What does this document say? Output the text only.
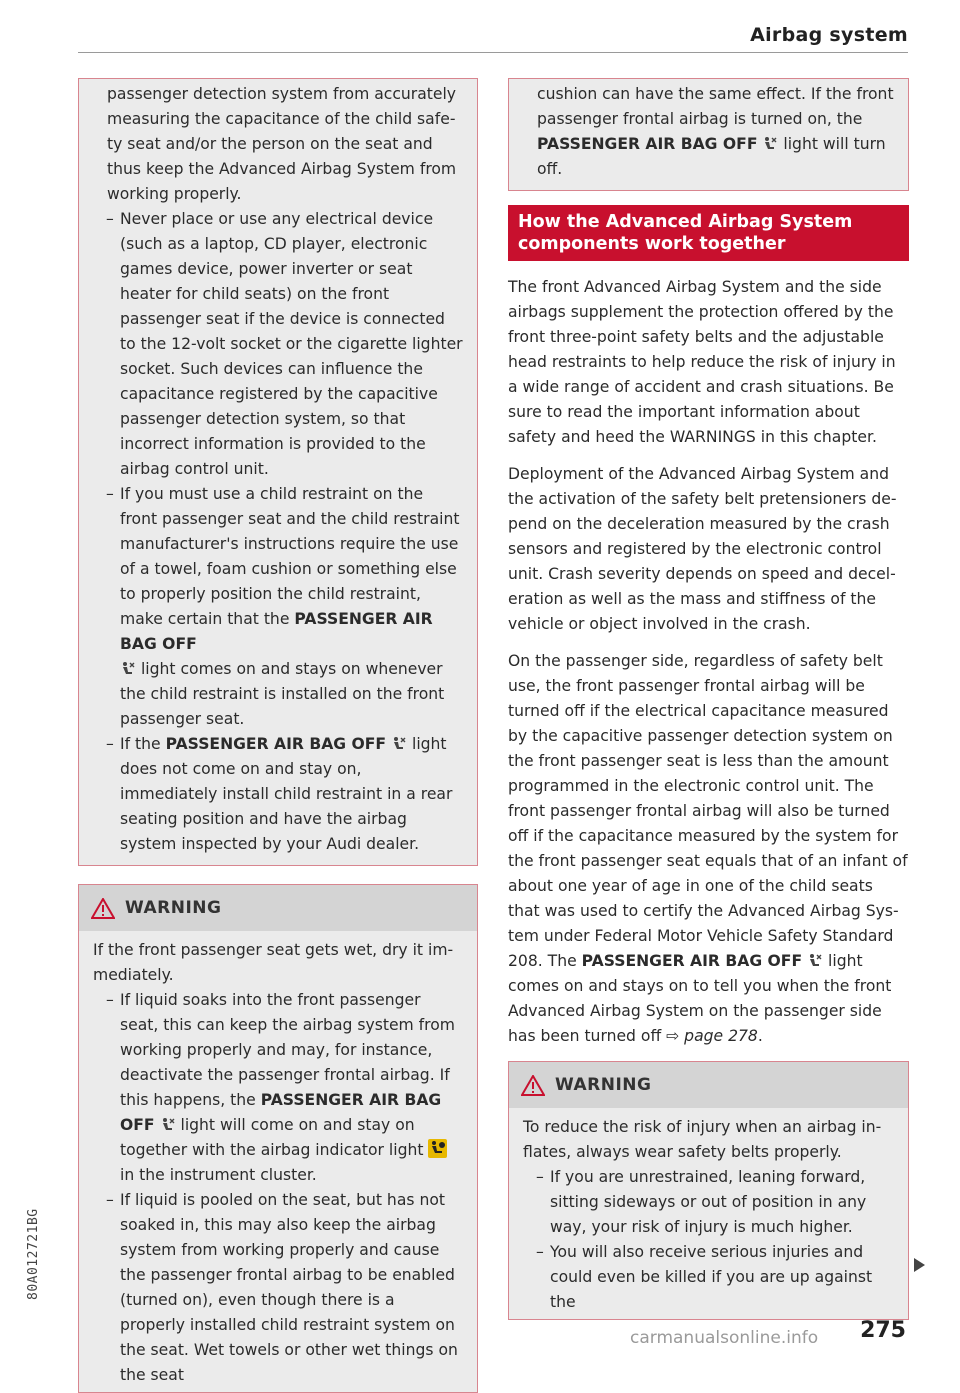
Airbag system

passenger detection system from accurately measuring the capacitance of the child safety seat and/or the person on the seat and thus keep the Advanced Airbag System from working properly.

– Never place or use any electrical device (such as a laptop, CD player, electronic games device, power inverter or seat heater for child seats) on the front passenger seat if the device is connected to the 12-volt socket or the cigarette lighter socket. Such devices can influence the capacitance registered by the capacitive passenger detection system, so that incorrect information is provided to the airbag control unit.
– If you must use a child restraint on the front passenger seat and the child restraint manufacturer's instructions require the use of a towel, foam cushion or something else to properly position the child restraint, make certain that the PASSENGER AIR BAG OFF
light comes on and stays on whenever the child restraint is installed on the front passenger seat.
– If the PASSENGER AIR BAG OFF  light does not come on and stay on, immediately install child restraint in a rear seating position and have the airbag system inspected by your Audi dealer.
WARNING

If the front passenger seat gets wet, dry it immediately.

– If liquid soaks into the front passenger seat, this can keep the airbag system from working properly and may, for instance, deactivate the passenger frontal airbag. If this happens, the PASSENGER AIR BAG OFF  light will come on and stay on together with the airbag indicator light  in the instrument cluster.
– If liquid is pooled on the seat, but has not soaked in, this may also keep the airbag system from working properly and cause the passenger frontal airbag to be enabled (turned on), even though there is a properly installed child restraint system on the seat. Wet towels or other wet things on the seat

cushion can have the same effect. If the front passenger frontal airbag is turned on, the PASSENGER AIR BAG OFF  light will turn off.

How the Advanced Airbag System components work together

The front Advanced Airbag System and the side airbags supplement the protection offered by the front three-point safety belts and the adjustable head restraints to help reduce the risk of injury in a wide range of accident and crash situations. Be sure to read the important information about safety and heed the WARNINGS in this chapter.

Deployment of the Advanced Airbag System and the activation of the safety belt pretensioners depend on the deceleration measured by the crash sensors and registered by the electronic control unit. Crash severity depends on speed and deceleration as well as the mass and stiffness of the vehicle or object involved in the crash.

On the passenger side, regardless of safety belt use, the front passenger frontal airbag will be turned off if the electrical capacitance measured by the capacitive passenger detection system on the front passenger seat is less than the amount programmed in the electronic control unit. The front passenger frontal airbag will also be turned off if the capacitance measured by the system for the front passenger seat equals that of an infant of about one year of age in one of the child seats that was used to certify the Advanced Airbag System under Federal Motor Vehicle Safety Standard 208. The PASSENGER AIR BAG OFF  light comes on and stays on to tell you when the front Advanced Airbag System on the passenger side has been turned off ⇨ page 278.

WARNING

To reduce the risk of injury when an airbag inflates, always wear safety belts properly.

– If you are unrestrained, leaning forward, sitting sideways or out of position in any way, your risk of injury is much higher.
– You will also receive serious injuries and could even be killed if you are up against the
275
80A012721BG
carmanualsonline.info
